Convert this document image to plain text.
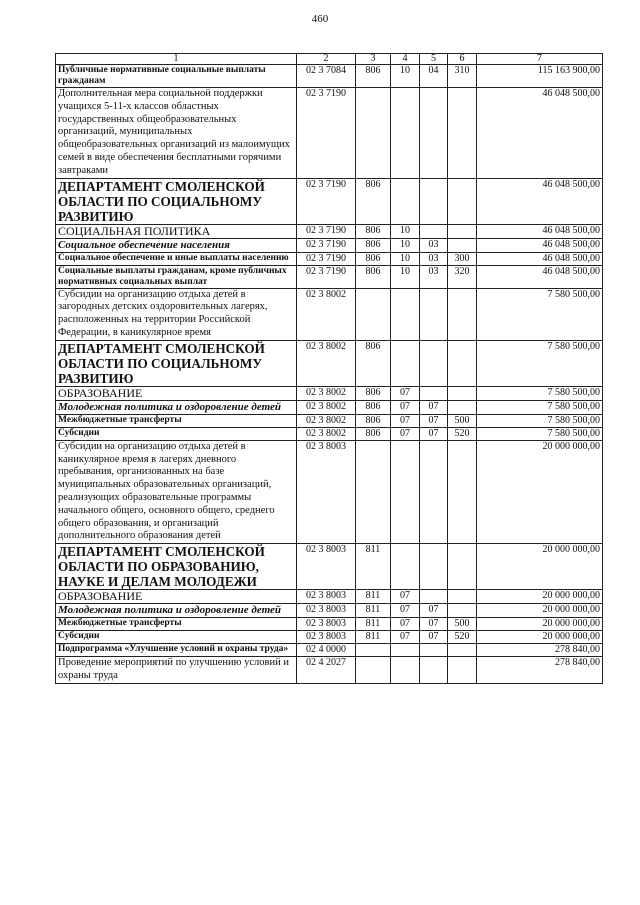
460
1	2	3	4	5	6	7
Публичные нормативные социальные выплаты гражданам	02 3 7084	806	10	04	310	115 163 900,00
Дополнительная мера социальной поддержки учащихся 5-11-х классов областных государственных общеобразовательных организаций, муниципальных общеобразовательных организаций из малоимущих семей в виде обеспечения бесплатными горячими завтраками	02 3 7190					46 048 500,00
ДЕПАРТАМЕНТ СМОЛЕНСКОЙ ОБЛАСТИ ПО СОЦИАЛЬНОМУ РАЗВИТИЮ	02 3 7190	806				46 048 500,00
СОЦИАЛЬНАЯ ПОЛИТИКА	02 3 7190	806	10			46 048 500,00
Социальное обеспечение населения	02 3 7190	806	10	03		46 048 500,00
Социальное обеспечение и иные выплаты населению	02 3 7190	806	10	03	300	46 048 500,00
Социальные выплаты гражданам, кроме публичных нормативных социальных выплат	02 3 7190	806	10	03	320	46 048 500,00
Субсидии на организацию отдыха детей в загородных детских оздоровительных лагерях, расположенных на территории Российской Федерации, в каникулярное время	02 3 8002					7 580 500,00
ДЕПАРТАМЕНТ СМОЛЕНСКОЙ ОБЛАСТИ ПО СОЦИАЛЬНОМУ РАЗВИТИЮ	02 3 8002	806				7 580 500,00
ОБРАЗОВАНИЕ	02 3 8002	806	07			7 580 500,00
Молодежная политика и оздоровление детей	02 3 8002	806	07	07		7 580 500,00
Межбюджетные трансферты	02 3 8002	806	07	07	500	7 580 500,00
Субсидии	02 3 8002	806	07	07	520	7 580 500,00
Субсидии на организацию отдыха детей в каникулярное время в лагерях дневного пребывания, организованных на базе муниципальных образовательных организаций, реализующих образовательные программы начального общего, основного общего, среднего общего образования, и организаций дополнительного образования детей	02 3 8003					20 000 000,00
ДЕПАРТАМЕНТ СМОЛЕНСКОЙ ОБЛАСТИ ПО ОБРАЗОВАНИЮ, НАУКЕ И ДЕЛАМ МОЛОДЕЖИ	02 3 8003	811				20 000 000,00
ОБРАЗОВАНИЕ	02 3 8003	811	07			20 000 000,00
Молодежная политика и оздоровление детей	02 3 8003	811	07	07		20 000 000,00
Межбюджетные трансферты	02 3 8003	811	07	07	500	20 000 000,00
Субсидии	02 3 8003	811	07	07	520	20 000 000,00
Подпрограмма «Улучшение условий и охраны труда»	02 4 0000					278 840,00
Проведение мероприятий по улучшению условий и охраны труда	02 4 2027					278 840,00
